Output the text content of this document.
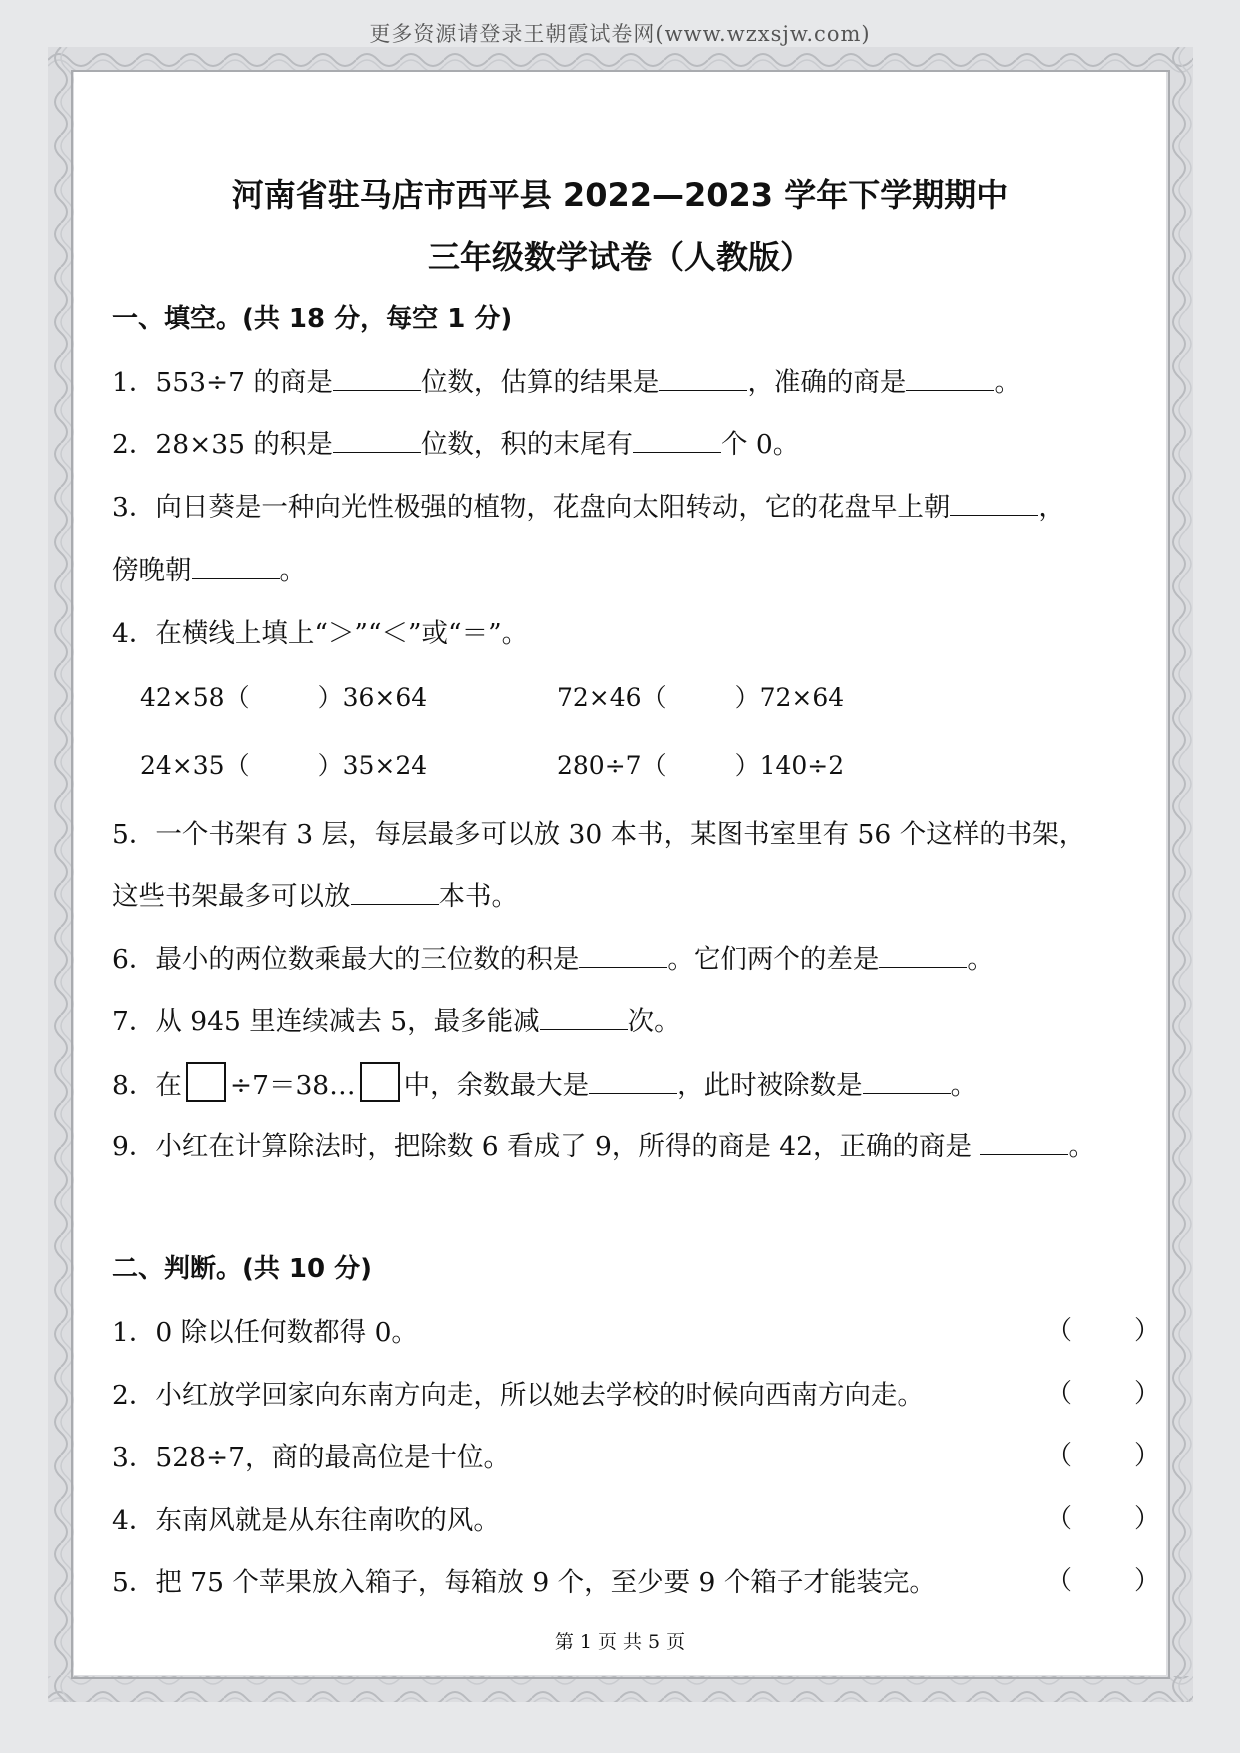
更多资源请登录王朝霞试卷网(www.wzxsjw.com)
河南省驻马店市西平县 2022—2023 学年下学期期中
三年级数学试卷（人教版）
一、填空。(共 18 分，每空 1 分)
1．553÷7 的商是	位数，估算的结果是	，准确的商是	。
2．28×35 的积是	位数，积的末尾有	个 0。
3．向日葵是一种向光性极强的植物，花盘向太阳转动，它的花盘早上朝	，
傍晚朝	。
4．在横线上填上“＞”“＜”或“＝”。
42×58（	）36×64	72×46（	）72×64
24×35（	）35×24	280÷7（	）140÷2
5．一个书架有 3 层，每层最多可以放 30 本书，某图书室里有 56 个这样的书架，
这些书架最多可以放	本书。
6．最小的两位数乘最大的三位数的积是	。它们两个的差是	。
7．从 945 里连续减去 5，最多能减	次。
8．在 ÷7＝38… 中，余数最大是	，此时被除数是	。
9．小红在计算除法时，把除数 6 看成了 9，所得的商是 42，正确的商是	。
二、判断。(共 10 分)
1．0 除以任何数都得 0。	（ ）
2．小红放学回家向东南方向走，所以她去学校的时候向西南方向走。	（ ）
3．528÷7，商的最高位是十位。	（ ）
4．东南风就是从东往南吹的风。	（ ）
5．把 75 个苹果放入箱子，每箱放 9 个，至少要 9 个箱子才能装完。	（ ）
第 1 页 共 5 页
